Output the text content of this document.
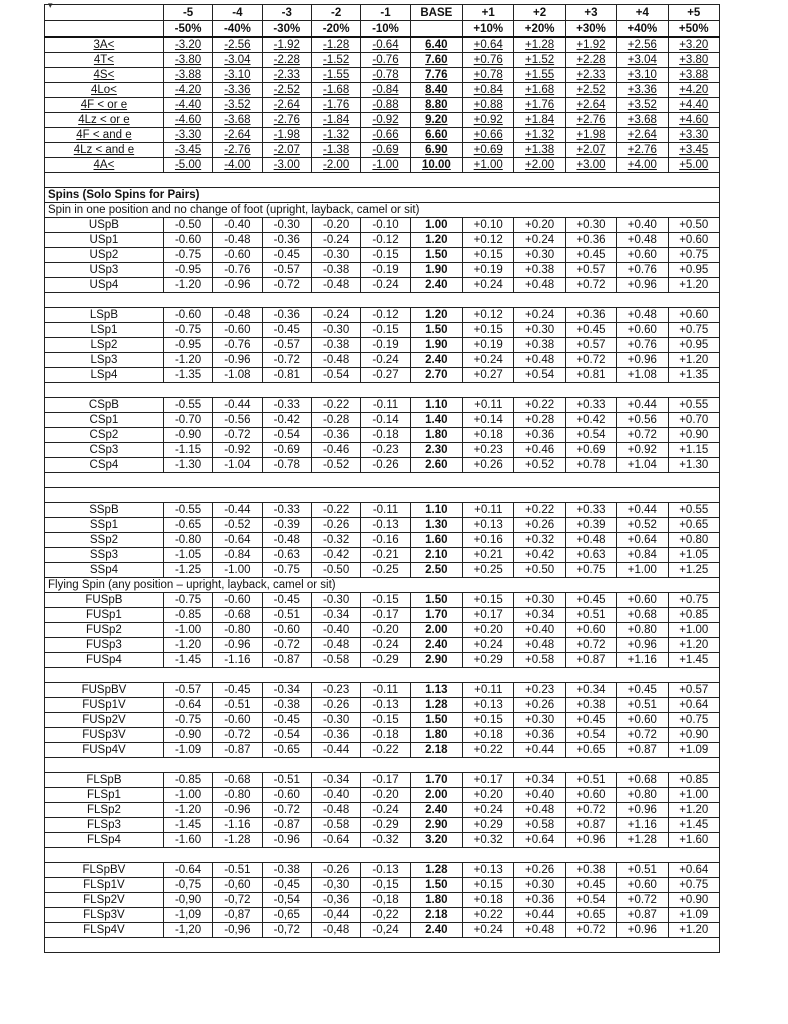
▾
	-5	-4	-3	-2	-1	BASE	+1	+2	+3	+4	+5
	-50%	-40%	-30%	-20%	-10%		+10%	+20%	+30%	+40%	+50%
3A<	-3.20	-2.56	-1.92	-1.28	-0.64	6.40	+0.64	+1.28	+1.92	+2.56	+3.20
4T<	-3.80	-3.04	-2.28	-1.52	-0.76	7.60	+0.76	+1.52	+2.28	+3.04	+3.80
4S<	-3.88	-3.10	-2.33	-1.55	-0.78	7.76	+0.78	+1.55	+2.33	+3.10	+3.88
4Lo<	-4.20	-3.36	-2.52	-1.68	-0.84	8.40	+0.84	+1.68	+2.52	+3.36	+4.20
4F < or e	-4.40	-3.52	-2.64	-1.76	-0.88	8.80	+0.88	+1.76	+2.64	+3.52	+4.40
4Lz < or e	-4.60	-3.68	-2.76	-1.84	-0.92	9.20	+0.92	+1.84	+2.76	+3.68	+4.60
4F < and e	-3.30	-2.64	-1.98	-1.32	-0.66	6.60	+0.66	+1.32	+1.98	+2.64	+3.30
4Lz < and e	-3.45	-2.76	-2.07	-1.38	-0.69	6.90	+0.69	+1.38	+2.07	+2.76	+3.45
4A<	-5.00	-4.00	-3.00	-2.00	-1.00	10.00	+1.00	+2.00	+3.00	+4.00	+5.00

Spins (Solo Spins for Pairs)											
Spin in one position and no change of foot (upright, layback, camel or sit)											
USpB	-0.50	-0.40	-0.30	-0.20	-0.10	1.00	+0.10	+0.20	+0.30	+0.40	+0.50
USp1	-0.60	-0.48	-0.36	-0.24	-0.12	1.20	+0.12	+0.24	+0.36	+0.48	+0.60
USp2	-0.75	-0.60	-0.45	-0.30	-0.15	1.50	+0.15	+0.30	+0.45	+0.60	+0.75
USp3	-0.95	-0.76	-0.57	-0.38	-0.19	1.90	+0.19	+0.38	+0.57	+0.76	+0.95
USp4	-1.20	-0.96	-0.72	-0.48	-0.24	2.40	+0.24	+0.48	+0.72	+0.96	+1.20

LSpB	-0.60	-0.48	-0.36	-0.24	-0.12	1.20	+0.12	+0.24	+0.36	+0.48	+0.60
LSp1	-0.75	-0.60	-0.45	-0.30	-0.15	1.50	+0.15	+0.30	+0.45	+0.60	+0.75
LSp2	-0.95	-0.76	-0.57	-0.38	-0.19	1.90	+0.19	+0.38	+0.57	+0.76	+0.95
LSp3	-1.20	-0.96	-0.72	-0.48	-0.24	2.40	+0.24	+0.48	+0.72	+0.96	+1.20
LSp4	-1.35	-1.08	-0.81	-0.54	-0.27	2.70	+0.27	+0.54	+0.81	+1.08	+1.35

CSpB	-0.55	-0.44	-0.33	-0.22	-0.11	1.10	+0.11	+0.22	+0.33	+0.44	+0.55
CSp1	-0.70	-0.56	-0.42	-0.28	-0.14	1.40	+0.14	+0.28	+0.42	+0.56	+0.70
CSp2	-0.90	-0.72	-0.54	-0.36	-0.18	1.80	+0.18	+0.36	+0.54	+0.72	+0.90
CSp3	-1.15	-0.92	-0.69	-0.46	-0.23	2.30	+0.23	+0.46	+0.69	+0.92	+1.15
CSp4	-1.30	-1.04	-0.78	-0.52	-0.26	2.60	+0.26	+0.52	+0.78	+1.04	+1.30

SSpB	-0.55	-0.44	-0.33	-0.22	-0.11	1.10	+0.11	+0.22	+0.33	+0.44	+0.55
SSp1	-0.65	-0.52	-0.39	-0.26	-0.13	1.30	+0.13	+0.26	+0.39	+0.52	+0.65
SSp2	-0.80	-0.64	-0.48	-0.32	-0.16	1.60	+0.16	+0.32	+0.48	+0.64	+0.80
SSp3	-1.05	-0.84	-0.63	-0.42	-0.21	2.10	+0.21	+0.42	+0.63	+0.84	+1.05
SSp4	-1.25	-1.00	-0.75	-0.50	-0.25	2.50	+0.25	+0.50	+0.75	+1.00	+1.25
Flying Spin (any position – upright, layback, camel or sit)											
FUSpB	-0.75	-0.60	-0.45	-0.30	-0.15	1.50	+0.15	+0.30	+0.45	+0.60	+0.75
FUSp1	-0.85	-0.68	-0.51	-0.34	-0.17	1.70	+0.17	+0.34	+0.51	+0.68	+0.85
FUSp2	-1.00	-0.80	-0.60	-0.40	-0.20	2.00	+0.20	+0.40	+0.60	+0.80	+1.00
FUSp3	-1.20	-0.96	-0.72	-0.48	-0.24	2.40	+0.24	+0.48	+0.72	+0.96	+1.20
FUSp4	-1.45	-1.16	-0.87	-0.58	-0.29	2.90	+0.29	+0.58	+0.87	+1.16	+1.45

FUSpBV	-0.57	-0.45	-0.34	-0.23	-0.11	1.13	+0.11	+0.23	+0.34	+0.45	+0.57
FUSp1V	-0.64	-0.51	-0.38	-0.26	-0.13	1.28	+0.13	+0.26	+0.38	+0.51	+0.64
FUSp2V	-0.75	-0.60	-0.45	-0.30	-0.15	1.50	+0.15	+0.30	+0.45	+0.60	+0.75
FUSp3V	-0.90	-0.72	-0.54	-0.36	-0.18	1.80	+0.18	+0.36	+0.54	+0.72	+0.90
FUSp4V	-1.09	-0.87	-0.65	-0.44	-0.22	2.18	+0.22	+0.44	+0.65	+0.87	+1.09

FLSpB	-0.85	-0.68	-0.51	-0.34	-0.17	1.70	+0.17	+0.34	+0.51	+0.68	+0.85
FLSp1	-1.00	-0.80	-0.60	-0.40	-0.20	2.00	+0.20	+0.40	+0.60	+0.80	+1.00
FLSp2	-1.20	-0.96	-0.72	-0.48	-0.24	2.40	+0.24	+0.48	+0.72	+0.96	+1.20
FLSp3	-1.45	-1.16	-0.87	-0.58	-0.29	2.90	+0.29	+0.58	+0.87	+1.16	+1.45
FLSp4	-1.60	-1.28	-0.96	-0.64	-0.32	3.20	+0.32	+0.64	+0.96	+1.28	+1.60

FLSpBV	-0.64	-0.51	-0.38	-0.26	-0.13	1.28	+0.13	+0.26	+0.38	+0.51	+0.64
FLSp1V	-0,75	-0,60	-0,45	-0,30	-0,15	1.50	+0.15	+0.30	+0.45	+0.60	+0.75
FLSp2V	-0,90	-0,72	-0,54	-0,36	-0,18	1.80	+0.18	+0.36	+0.54	+0.72	+0.90
FLSp3V	-1,09	-0,87	-0,65	-0,44	-0,22	2.18	+0.22	+0.44	+0.65	+0.87	+1.09
FLSp4V	-1,20	-0,96	-0,72	-0,48	-0,24	2.40	+0.24	+0.48	+0.72	+0.96	+1.20
